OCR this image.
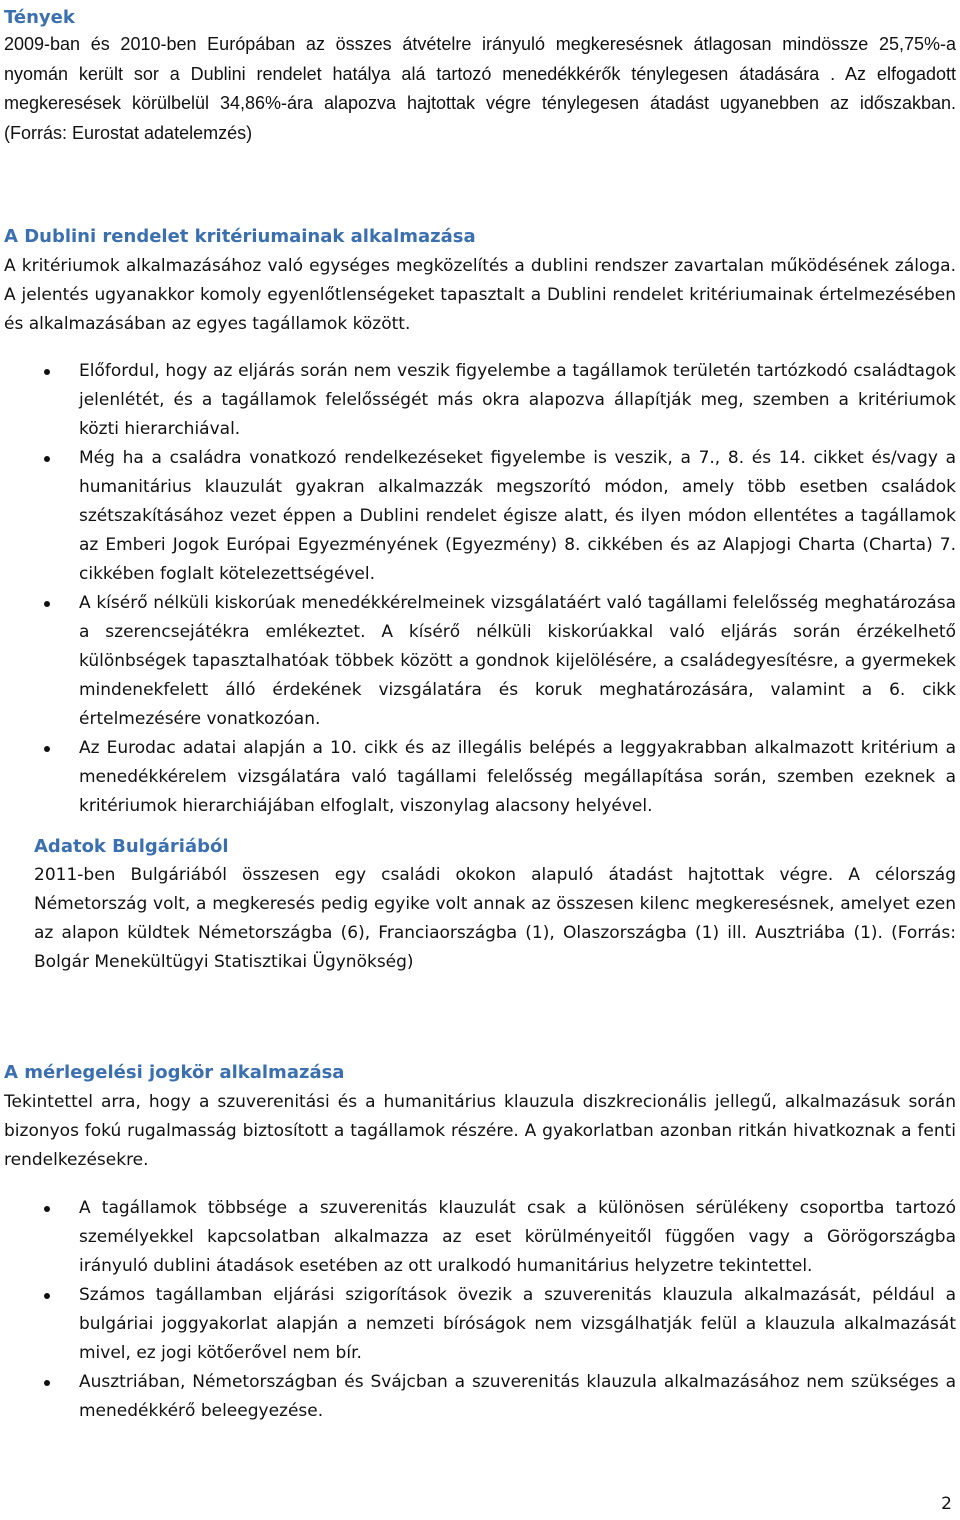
Tények

2009-ban és 2010-ben Európában az összes átvételre irányuló megkeresésnek átlagosan mindössze 25,75%-a nyomán került sor a Dublini rendelet hatálya alá tartozó menedékkérők ténylegesen átadására . Az elfogadott megkeresések körülbelül 34,86%-ára alapozva hajtottak végre ténylegesen átadást ugyanebben az időszakban. (Forrás: Eurostat adatelemzés)

A Dublini rendelet kritériumainak alkalmazása

A kritériumok alkalmazásához való egységes megközelítés a dublini rendszer zavartalan működésének záloga. A jelentés ugyanakkor komoly egyenlőtlenségeket tapasztalt a Dublini rendelet kritériumainak értelmezésében és alkalmazásában az egyes tagállamok között.

Előfordul, hogy az eljárás során nem veszik figyelembe a tagállamok területén tartózkodó családtagok jelenlétét, és a tagállamok felelősségét más okra alapozva állapítják meg, szemben a kritériumok közti hierarchiával.
Még ha a családra vonatkozó rendelkezéseket figyelembe is veszik, a 7., 8. és 14. cikket és/vagy a humanitárius klauzulát gyakran alkalmazzák megszorító módon, amely több esetben családok szétszakításához vezet éppen a Dublini rendelet égisze alatt, és ilyen módon ellentétes a tagállamok az Emberi Jogok Európai Egyezményének (Egyezmény) 8. cikkében és az Alapjogi Charta (Charta) 7. cikkében foglalt kötelezettségével.
A kísérő nélküli kiskorúak menedékkérelmeinek vizsgálatáért való tagállami felelősség meghatározása a szerencsejátékra emlékeztet. A kísérő nélküli kiskorúakkal való eljárás során érzékelhető különbségek tapasztalhatóak többek között a gondnok kijelölésére, a családegyesítésre, a gyermekek mindenekfelett álló érdekének vizsgálatára és koruk meghatározására, valamint a 6. cikk értelmezésére vonatkozóan.
Az Eurodac adatai alapján a 10. cikk és az illegális belépés a leggyakrabban alkalmazott kritérium a menedékkérelem vizsgálatára való tagállami felelősség megállapítása során, szemben ezeknek a kritériumok hierarchiájában elfoglalt, viszonylag alacsony helyével.
Adatok Bulgáriából

2011-ben Bulgáriából összesen egy családi okokon alapuló átadást hajtottak végre. A célország Németország volt, a megkeresés pedig egyike volt annak az összesen kilenc megkeresésnek, amelyet ezen az alapon küldtek Németországba (6), Franciaországba (1), Olaszországba (1) ill. Ausztriába (1). (Forrás: Bolgár Menekültügyi Statisztikai Ügynökség)

A mérlegelési jogkör alkalmazása

Tekintettel arra, hogy a szuverenitási és a humanitárius klauzula diszkrecionális jellegű, alkalmazásuk során bizonyos fokú rugalmasság biztosított a tagállamok részére. A gyakorlatban azonban ritkán hivatkoznak a fenti rendelkezésekre.

A tagállamok többsége a szuverenitás klauzulát csak a különösen sérülékeny csoportba tartozó személyekkel kapcsolatban alkalmazza az eset körülményeitől függően vagy a Görögországba irányuló dublini átadások esetében az ott uralkodó humanitárius helyzetre tekintettel.
Számos tagállamban eljárási szigorítások övezik a szuverenitás klauzula alkalmazását, például a bulgáriai joggyakorlat alapján a nemzeti bíróságok nem vizsgálhatják felül a klauzula alkalmazását mivel, ez jogi kötőerővel nem bír.
Ausztriában, Németországban és Svájcban a szuverenitás klauzula alkalmazásához nem szükséges a menedékkérő beleegyezése.
2
